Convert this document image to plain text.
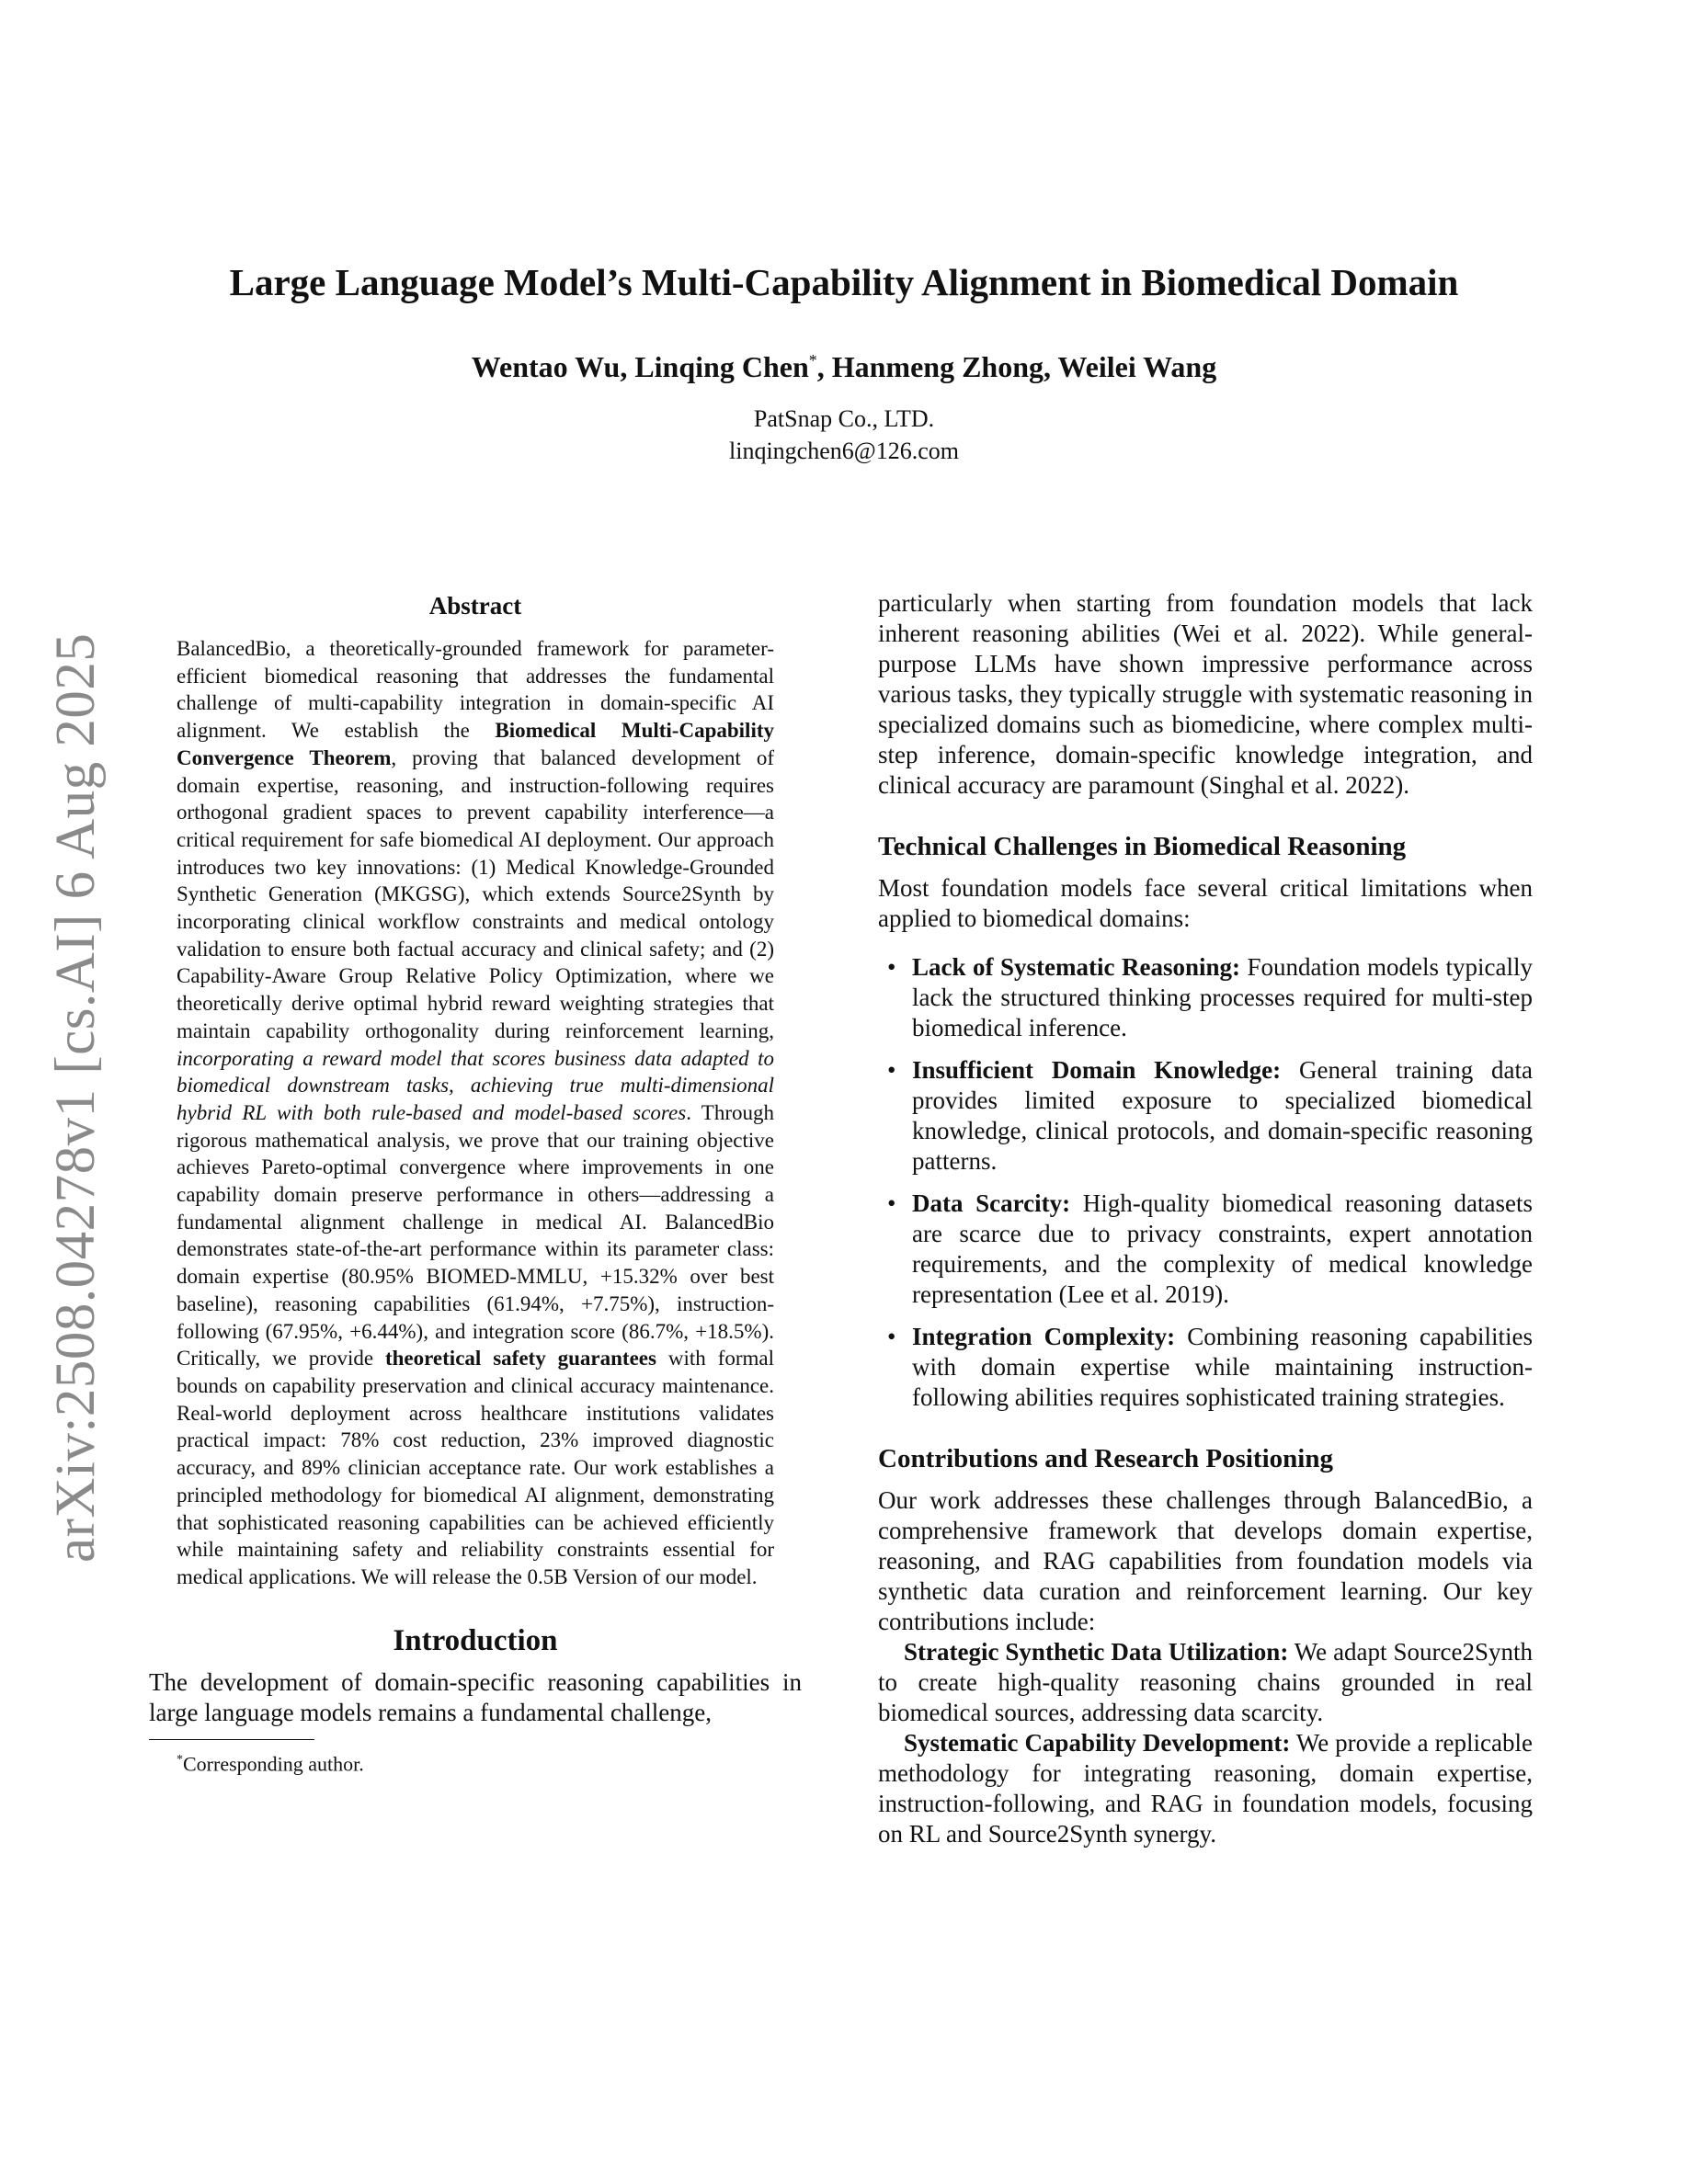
arXiv:2508.04278v1 [cs.AI] 6 Aug 2025
Large Language Model’s Multi-Capability Alignment in Biomedical Domain
Wentao Wu, Linqing Chen*, Hanmeng Zhong, Weilei Wang
PatSnap Co., LTD.
linqingchen6@126.com
Abstract

BalancedBio, a theoretically-grounded framework for parameter-efficient biomedical reasoning that addresses the fundamental challenge of multi-capability integration in domain-specific AI alignment. We establish the Biomedical Multi-Capability Convergence Theorem, proving that balanced development of domain expertise, reasoning, and instruction-following requires orthogonal gradient spaces to prevent capability interference—a critical requirement for safe biomedical AI deployment. Our approach introduces two key innovations: (1) Medical Knowledge-Grounded Synthetic Generation (MKGSG), which extends Source2Synth by incorporating clinical workflow constraints and medical ontology validation to ensure both factual accuracy and clinical safety; and (2) Capability-Aware Group Relative Policy Optimization, where we theoretically derive optimal hybrid reward weighting strategies that maintain capability orthogonality during reinforcement learning, incorporating a reward model that scores business data adapted to biomedical downstream tasks, achieving true multi-dimensional hybrid RL with both rule-based and model-based scores. Through rigorous mathematical analysis, we prove that our training objective achieves Pareto-optimal convergence where improvements in one capability domain preserve performance in others—addressing a fundamental alignment challenge in medical AI. BalancedBio demonstrates state-of-the-art performance within its parameter class: domain expertise (80.95% BIOMED-MMLU, +15.32% over best baseline), reasoning capabilities (61.94%, +7.75%), instruction-following (67.95%, +6.44%), and integration score (86.7%, +18.5%). Critically, we provide theoretical safety guarantees with formal bounds on capability preservation and clinical accuracy maintenance. Real-world deployment across healthcare institutions validates practical impact: 78% cost reduction, 23% improved diagnostic accuracy, and 89% clinician acceptance rate. Our work establishes a principled methodology for biomedical AI alignment, demonstrating that sophisticated reasoning capabilities can be achieved efficiently while maintaining safety and reliability constraints essential for medical applications. We will release the 0.5B Version of our model.

Introduction

The development of domain-specific reasoning capabilities in large language models remains a fundamental challenge,

*Corresponding author.

particularly when starting from foundation models that lack inherent reasoning abilities (Wei et al. 2022). While general-purpose LLMs have shown impressive performance across various tasks, they typically struggle with systematic reasoning in specialized domains such as biomedicine, where complex multi-step inference, domain-specific knowledge integration, and clinical accuracy are paramount (Singhal et al. 2022).

Technical Challenges in Biomedical Reasoning

Most foundation models face several critical limitations when applied to biomedical domains:

• Lack of Systematic Reasoning: Foundation models typically lack the structured thinking processes required for multi-step biomedical inference.
• Insufficient Domain Knowledge: General training data provides limited exposure to specialized biomedical knowledge, clinical protocols, and domain-specific reasoning patterns.
• Data Scarcity: High-quality biomedical reasoning datasets are scarce due to privacy constraints, expert annotation requirements, and the complexity of medical knowledge representation (Lee et al. 2019).
• Integration Complexity: Combining reasoning capabilities with domain expertise while maintaining instruction-following abilities requires sophisticated training strategies.
Contributions and Research Positioning

Our work addresses these challenges through BalancedBio, a comprehensive framework that develops domain expertise, reasoning, and RAG capabilities from foundation models via synthetic data curation and reinforcement learning. Our key contributions include:

Strategic Synthetic Data Utilization: We adapt Source2Synth to create high-quality reasoning chains grounded in real biomedical sources, addressing data scarcity.

Systematic Capability Development: We provide a replicable methodology for integrating reasoning, domain expertise, instruction-following, and RAG in foundation models, focusing on RL and Source2Synth synergy.
